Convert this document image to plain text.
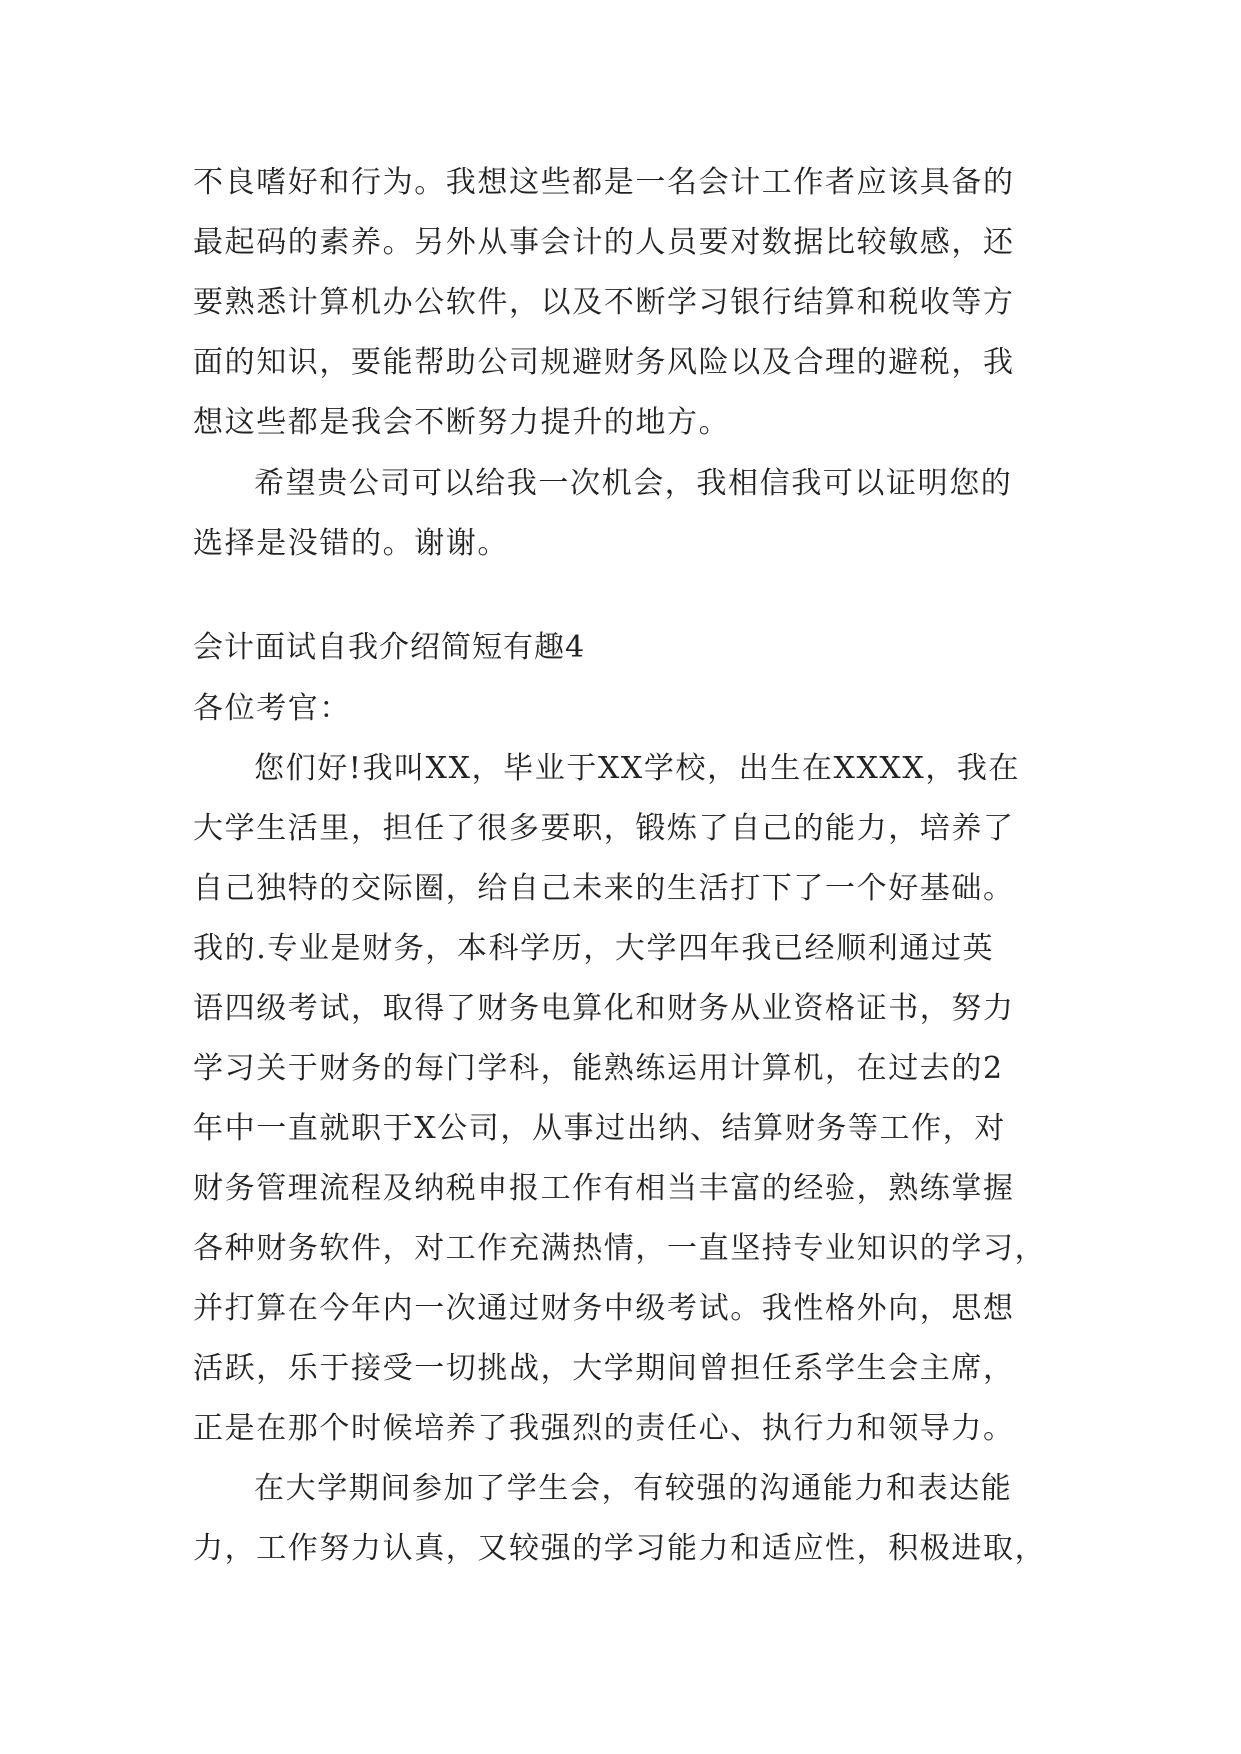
不良嗜好和行为。我想这些都是一名会计工作者应该具备的
最起码的素养。另外从事会计的人员要对数据比较敏感，还
要熟悉计算机办公软件，以及不断学习银行结算和税收等方
面的知识，要能帮助公司规避财务风险以及合理的避税，我
想这些都是我会不断努力提升的地方。
希望贵公司可以给我一次机会，我相信我可以证明您的
选择是没错的。谢谢。
会计面试自我介绍简短有趣4
各位考官：
您们好!我叫XX，毕业于XX学校，出生在XXXX，我在
大学生活里，担任了很多要职，锻炼了自己的能力，培养了
自己独特的交际圈，给自己未来的生活打下了一个好基础。
我的.专业是财务，本科学历，大学四年我已经顺利通过英
语四级考试，取得了财务电算化和财务从业资格证书，努力
学习关于财务的每门学科，能熟练运用计算机，在过去的2
年中一直就职于X公司，从事过出纳、结算财务等工作，对
财务管理流程及纳税申报工作有相当丰富的经验，熟练掌握
各种财务软件，对工作充满热情，一直坚持专业知识的学习，
并打算在今年内一次通过财务中级考试。我性格外向，思想
活跃，乐于接受一切挑战，大学期间曾担任系学生会主席，
正是在那个时候培养了我强烈的责任心、执行力和领导力。
在大学期间参加了学生会，有较强的沟通能力和表达能
力，工作努力认真，又较强的学习能力和适应性，积极进取，
